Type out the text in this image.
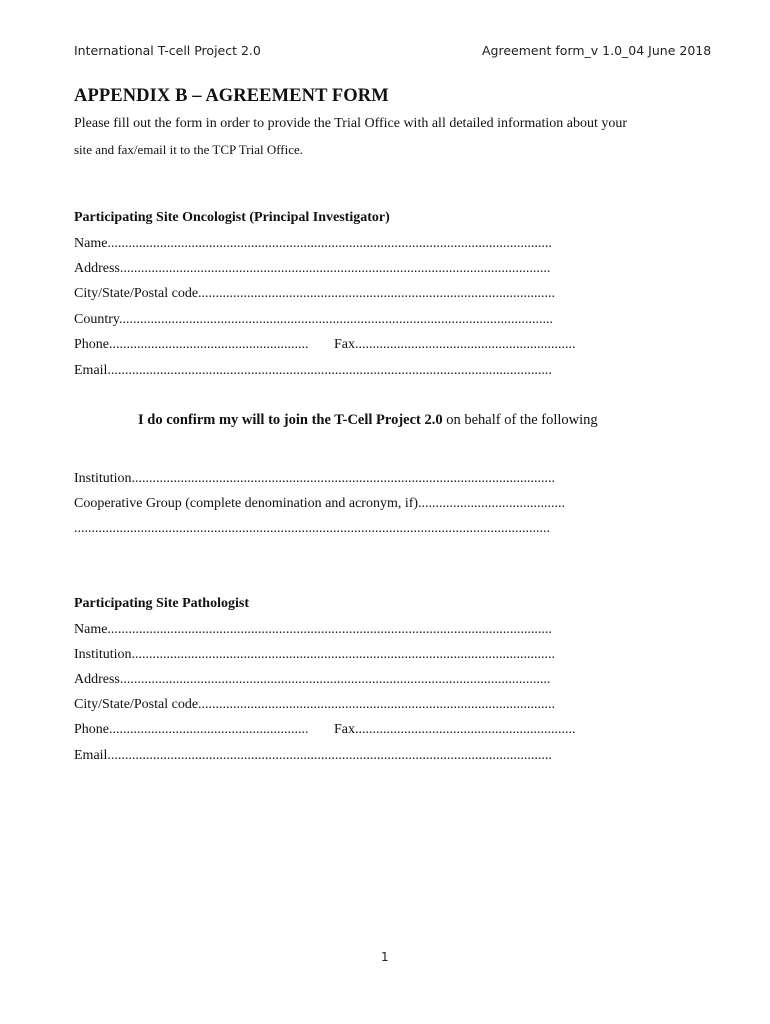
International T-cell Project 2.0	Agreement form_v 1.0_04 June 2018
APPENDIX B – AGREEMENT FORM
Please fill out the form in order to provide the Trial Office with all detailed information about your
site and fax/email it to the TCP Trial Office.
Participating Site Oncologist (Principal Investigator)
Name...............................................................................................................................
Address...........................................................................................................................
City/State/Postal code......................................................................................................
Country............................................................................................................................
Phone.........................................................	Fax...............................................................
Email...............................................................................................................................
I do confirm my will to join the T-Cell Project 2.0 on behalf of the following
Institution.........................................................................................................................
Cooperative Group (complete denomination and acronym, if)..........................................
........................................................................................................................................
Participating Site Pathologist
Name...............................................................................................................................
Institution.........................................................................................................................
Address...........................................................................................................................
City/State/Postal code......................................................................................................
Phone.........................................................	Fax...............................................................
Email...............................................................................................................................
1
